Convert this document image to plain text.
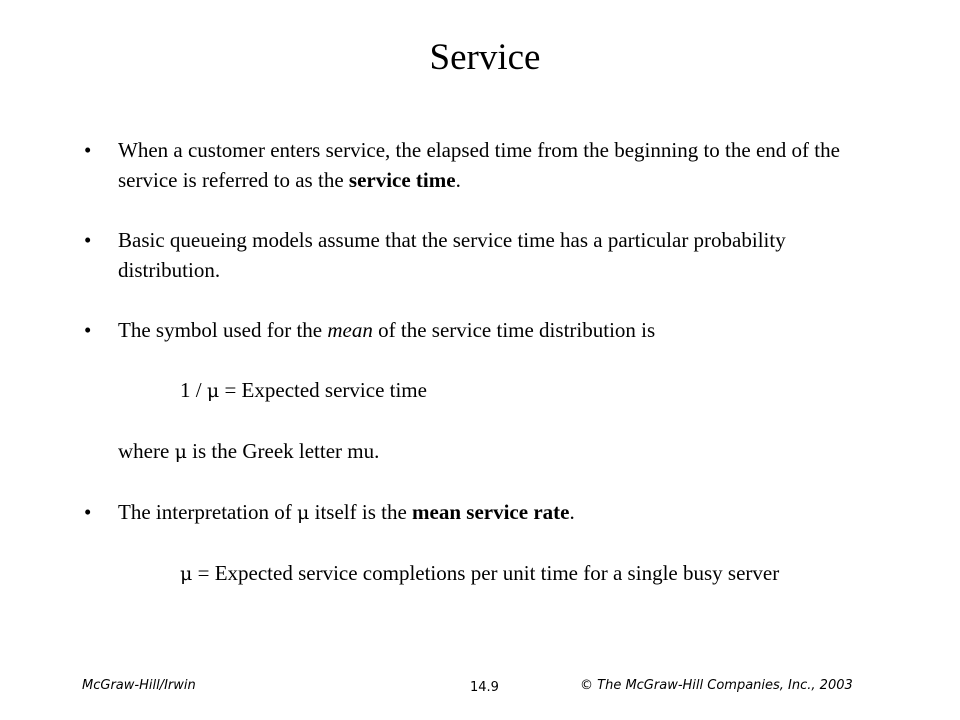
Service
• When a customer enters service, the elapsed time from the beginning to the end of the service is referred to as the service time.
• Basic queueing models assume that the service time has a particular probability distribution.
• The symbol used for the mean of the service time distribution is
1 / μ = Expected service time
where μ is the Greek letter mu.
• The interpretation of μ itself is the mean service rate.
μ = Expected service completions per unit time for a single busy server
McGraw-Hill/Irwin	14.9	© The McGraw-Hill Companies, Inc., 2003
